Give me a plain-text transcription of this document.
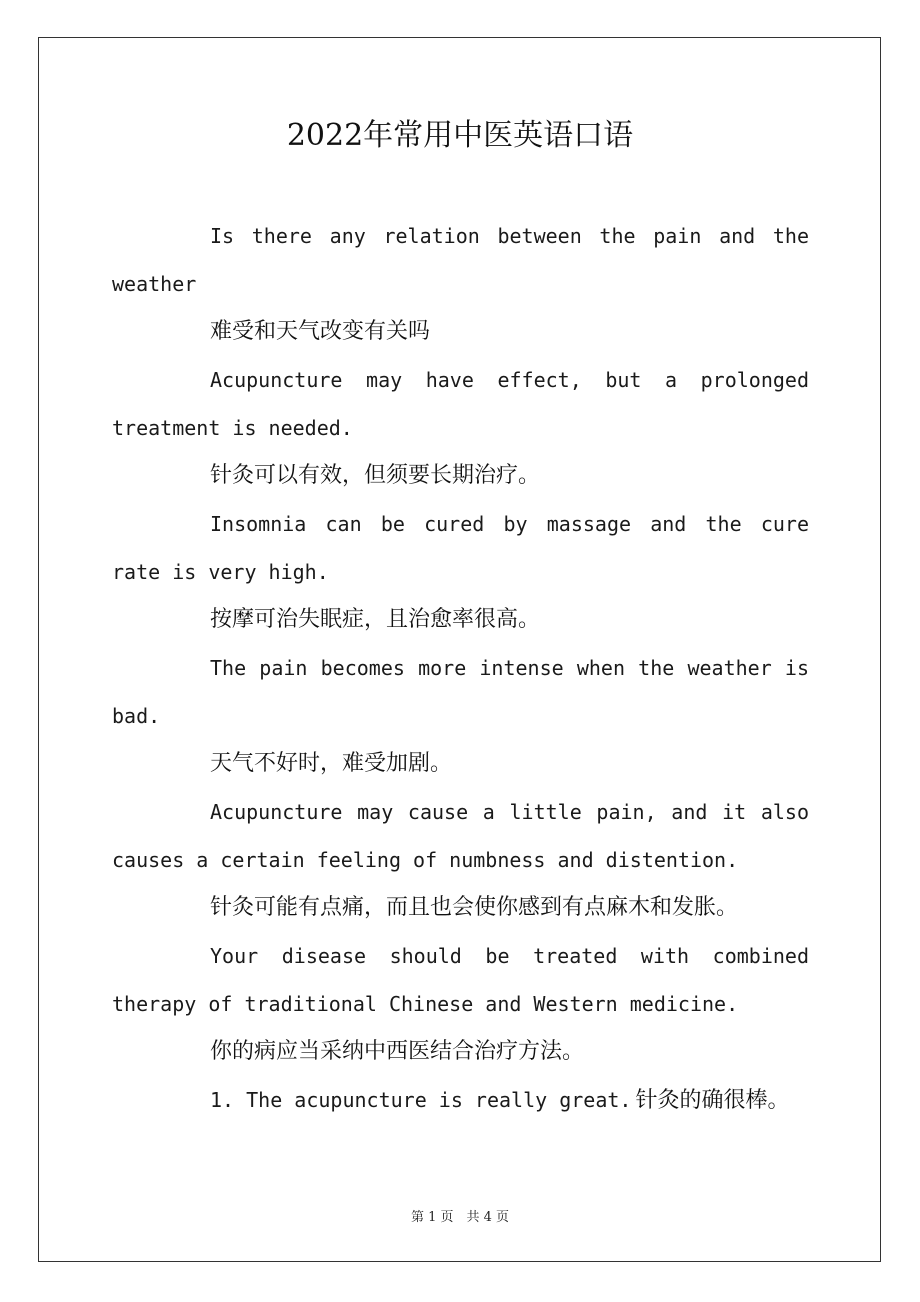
2022年常用中医英语口语

Is there any relation between the pain and the weather

难受和天气改变有关吗

Acupuncture may have effect, but a prolonged treatment is needed.

针灸可以有效，但须要长期治疗。

Insomnia can be cured by massage and the cure rate is very high.

按摩可治失眠症，且治愈率很高。

The pain becomes more intense when the weather is bad.

天气不好时，难受加剧。

Acupuncture may cause a little pain, and it also causes a certain feeling of numbness and distention.

针灸可能有点痛，而且也会使你感到有点麻木和发胀。

Your disease should be treated with combined therapy of traditional Chinese and Western medicine.

你的病应当采纳中西医结合治疗方法。

1. The acupuncture is really great. 针灸的确很棒。

第 1 页　共 4 页
